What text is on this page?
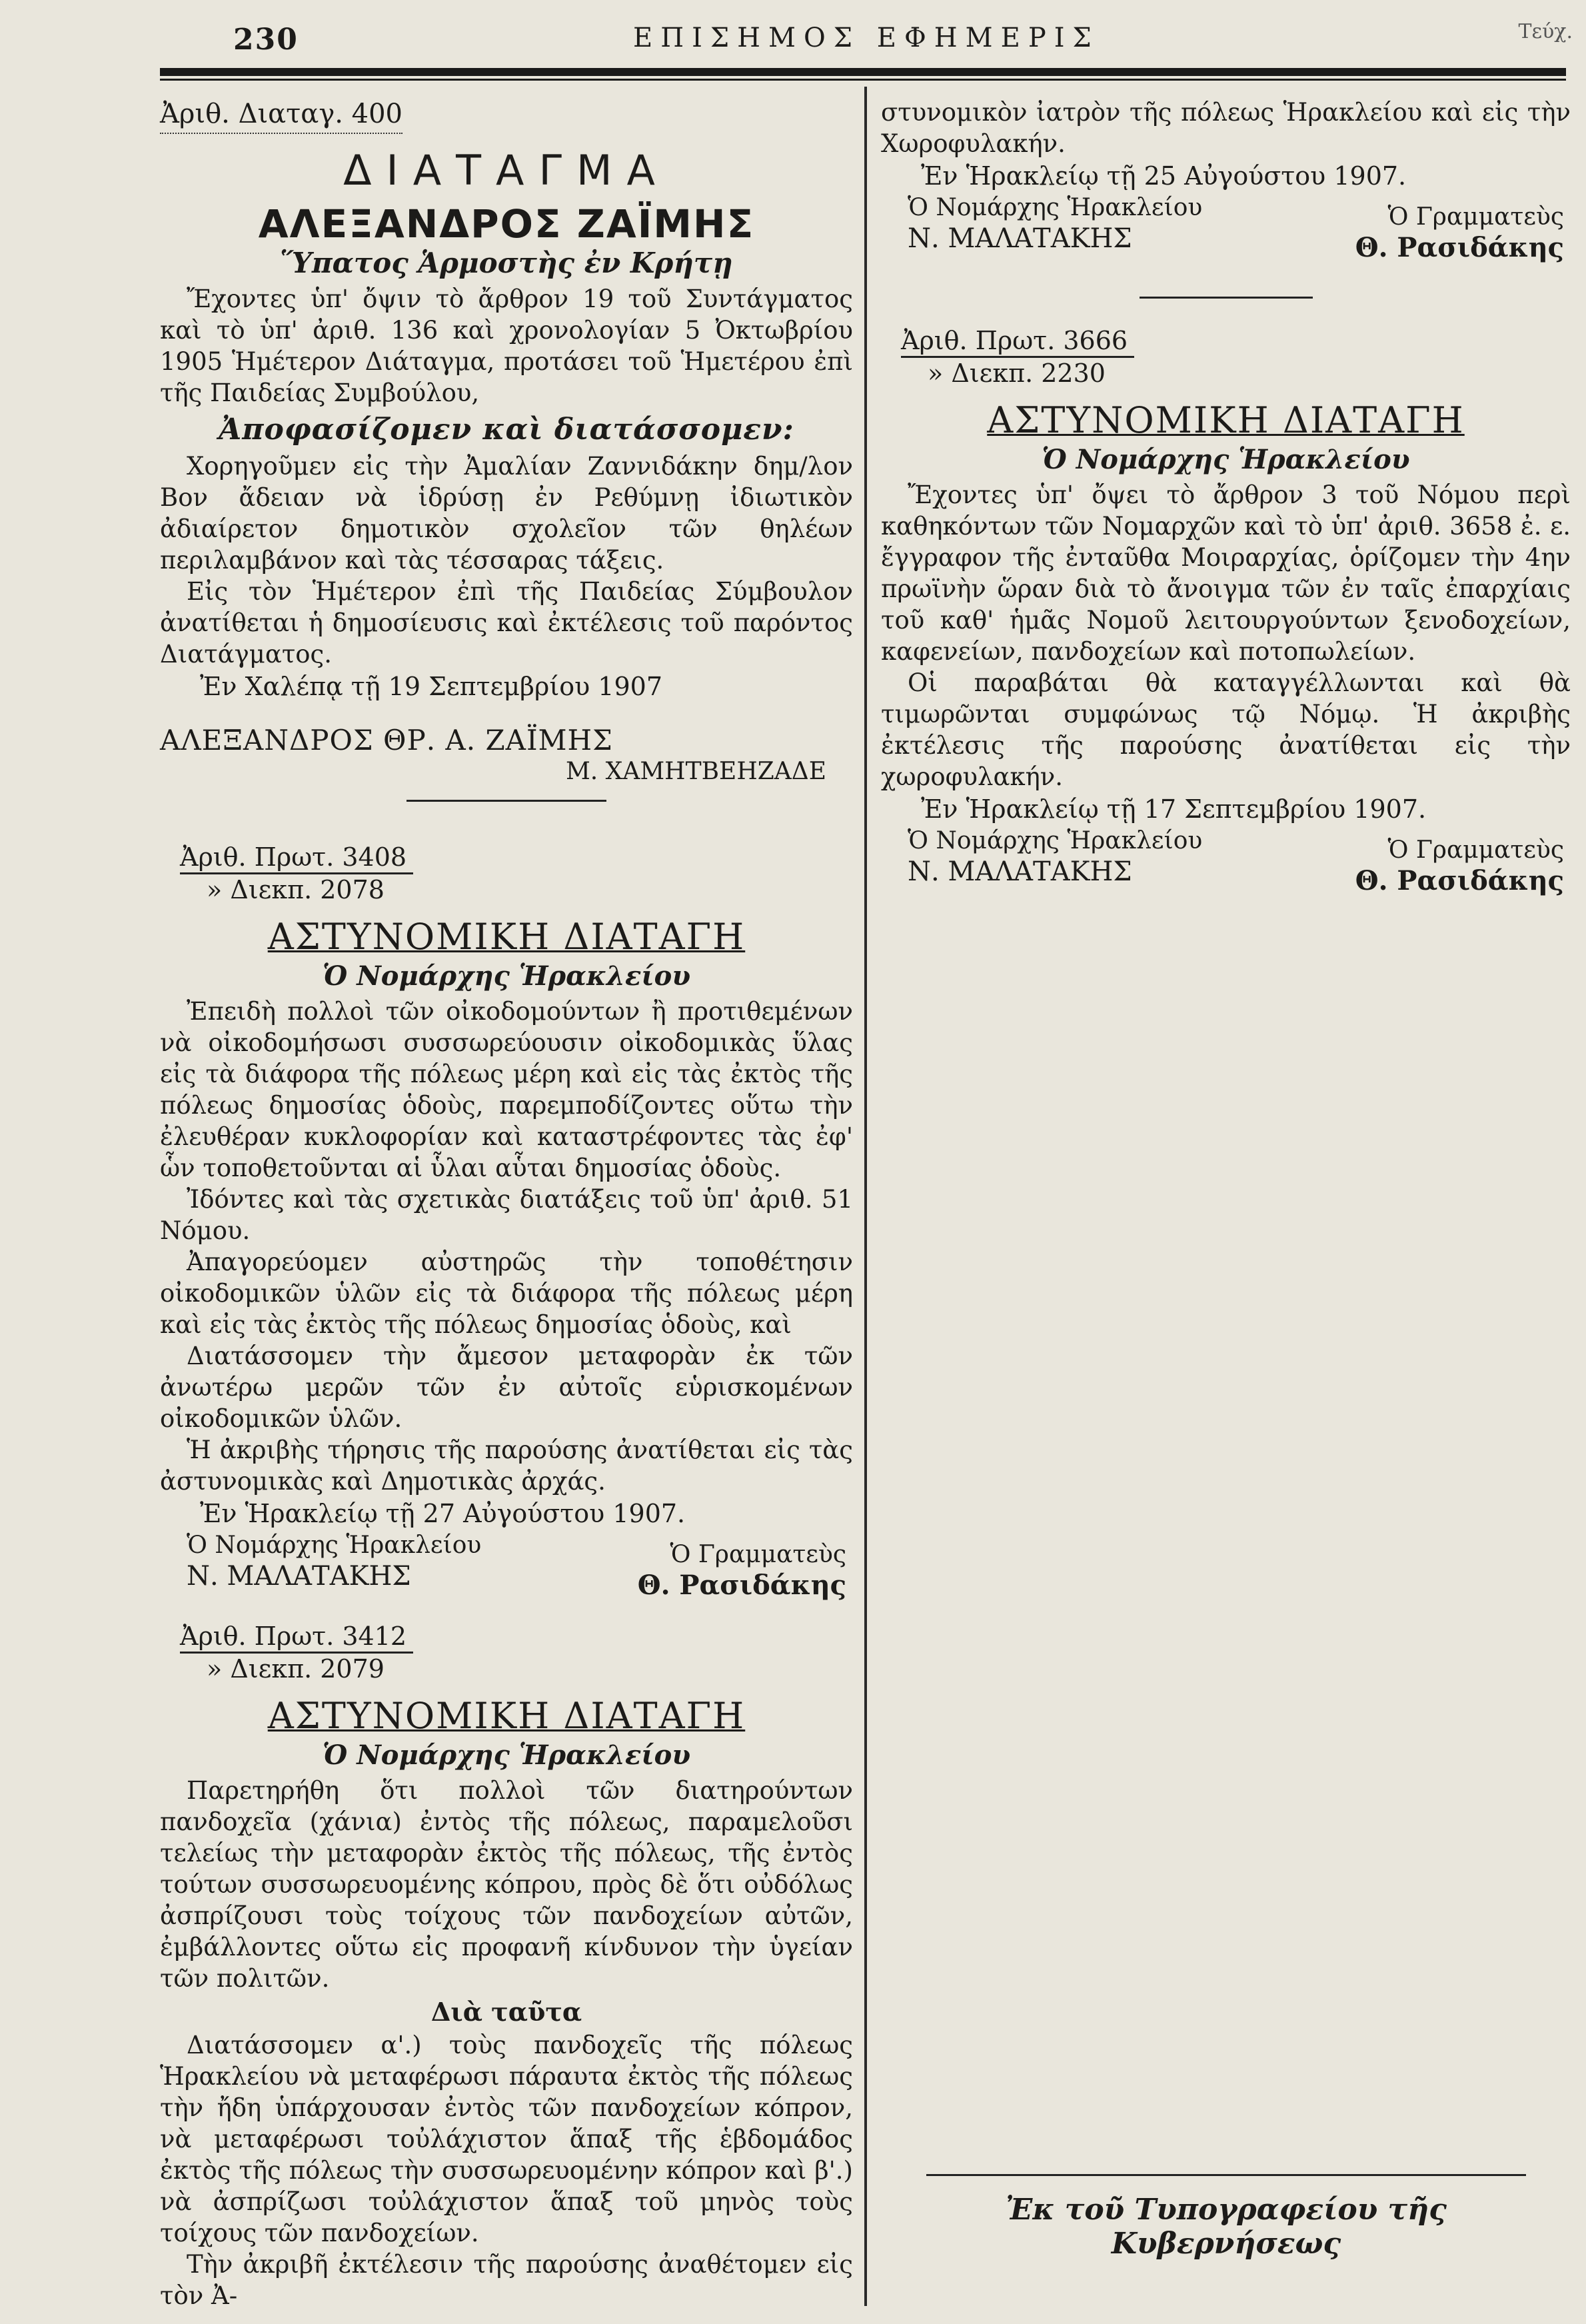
230	ΕΠΙΣΗΜΟΣ ΕΦΗΜΕΡΙΣ	Τεύχ.

Ἀριθ. Διαταγ. 400

ΔΙΑΤΑΓΜΑ

ΑΛΕΞΑΝΔΡΟΣ ΖΑΪΜΗΣ

Ὕπατος Ἁρμοστὴς ἐν Κρήτῃ

Ἔχοντες ὑπ' ὄψιν τὸ ἄρθρον 19 τοῦ Συντάγματος καὶ τὸ ὑπ' ἀριθ. 136 καὶ χρονολογίαν 5 Ὀκτωβρίου 1905 Ἡμέτερον Διάταγμα, προτάσει τοῦ Ἡμετέρου ἐπὶ τῆς Παιδείας Συμβούλου,

Ἀποφασίζομεν καὶ διατάσσομεν:

Χορηγοῦμεν εἰς τὴν Ἀμαλίαν Ζαννιδάκην δημ/λον Βον ἄδειαν νὰ ἱδρύσῃ ἐν Ρεθύμνῃ ἰδιωτικὸν ἀδιαίρετον δημοτικὸν σχολεῖον τῶν θηλέων περιλαμβάνον καὶ τὰς τέσσαρας τάξεις.

Εἰς τὸν Ἡμέτερον ἐπὶ τῆς Παιδείας Σύμβουλον ἀνατίθεται ἡ δημοσίευσις καὶ ἐκτέλεσις τοῦ παρόντος Διατάγματος.

Ἐν Χαλέπᾳ τῇ 19 Σεπτεμβρίου 1907

ΑΛΕΞΑΝΔΡΟΣ ΘΡ. Α. ΖΑΪΜΗΣ

Μ. ΧΑΜΗΤΒΕΗΖΑΔΕ

Ἀριθ. Πρωτ. 3408
» Διεκπ. 2078

ΑΣΤΥΝΟΜΙΚΗ ΔΙΑΤΑΓΗ

Ὁ Νομάρχης Ἡρακλείου

Ἐπειδὴ πολλοὶ τῶν οἰκοδομούντων ἢ προτιθεμένων νὰ οἰκοδομήσωσι συσσωρεύουσιν οἰκοδομικὰς ὕλας εἰς τὰ διάφορα τῆς πόλεως μέρη καὶ εἰς τὰς ἐκτὸς τῆς πόλεως δημοσίας ὁδοὺς, παρεμποδίζοντες οὕτω τὴν ἐλευθέραν κυκλοφορίαν καὶ καταστρέφοντες τὰς ἐφ' ὧν τοποθετοῦνται αἱ ὗλαι αὗται δημοσίας ὁδοὺς.

Ἰδόντες καὶ τὰς σχετικὰς διατάξεις τοῦ ὑπ' ἀριθ. 51 Νόμου.

Ἀπαγορεύομεν αὐστηρῶς τὴν τοποθέτησιν οἰκοδομικῶν ὑλῶν εἰς τὰ διάφορα τῆς πόλεως μέρη καὶ εἰς τὰς ἐκτὸς τῆς πόλεως δημοσίας ὁδοὺς, καὶ

Διατάσσομεν τὴν ἄμεσον μεταφορὰν ἐκ τῶν ἀνωτέρω μερῶν τῶν ἐν αὐτοῖς εὑρισκομένων οἰκοδομικῶν ὑλῶν.

Ἡ ἀκριβὴς τήρησις τῆς παρούσης ἀνατίθεται εἰς τὰς ἀστυνομικὰς καὶ Δημοτικὰς ἀρχάς.

Ἐν Ἡρακλείῳ τῇ 27 Αὐγούστου 1907.

Ὁ Νομάρχης Ἡρακλείου
Ν. ΜΑΛΑΤΑΚΗΣ
Ὁ Γραμματεὺς
Θ. Ρασιδάκης
Ἀριθ. Πρωτ. 3412
» Διεκπ. 2079

ΑΣΤΥΝΟΜΙΚΗ ΔΙΑΤΑΓΗ

Ὁ Νομάρχης Ἡρακλείου

Παρετηρήθη ὅτι πολλοὶ τῶν διατηρούντων πανδοχεῖα (χάνια) ἐντὸς τῆς πόλεως, παραμελοῦσι τελείως τὴν μεταφορὰν ἐκτὸς τῆς πόλεως, τῆς ἐντὸς τούτων συσσωρευομένης κόπρου, πρὸς δὲ ὅτι οὐδόλως ἀσπρίζουσι τοὺς τοίχους τῶν πανδοχείων αὐτῶν, ἐμβάλλοντες οὕτω εἰς προφανῆ κίνδυνον τὴν ὑγείαν τῶν πολιτῶν.

Διὰ ταῦτα

Διατάσσομεν α'.) τοὺς πανδοχεῖς τῆς πόλεως Ἡρακλείου νὰ μεταφέρωσι πάραυτα ἐκτὸς τῆς πόλεως τὴν ἤδη ὑπάρχουσαν ἐντὸς τῶν πανδοχείων κόπρον, νὰ μεταφέρωσι τοὐλάχιστον ἅπαξ τῆς ἑβδομάδος ἐκτὸς τῆς πόλεως τὴν συσσωρευομένην κόπρον καὶ β'.) νὰ ἀσπρίζωσι τοὐλάχιστον ἅπαξ τοῦ μηνὸς τοὺς τοίχους τῶν πανδοχείων.

Τὴν ἀκριβῆ ἐκτέλεσιν τῆς παρούσης ἀναθέτομεν εἰς τὸν Ἀ-

στυνομικὸν ἰατρὸν τῆς πόλεως Ἡρακλείου καὶ εἰς τὴν Χωροφυλακήν.

Ἐν Ἡρακλείῳ τῇ 25 Αὐγούστου 1907.

Ὁ Νομάρχης Ἡρακλείου
Ν. ΜΑΛΑΤΑΚΗΣ
Ὁ Γραμματεὺς
Θ. Ρασιδάκης
Ἀριθ. Πρωτ. 3666
» Διεκπ. 2230

ΑΣΤΥΝΟΜΙΚΗ ΔΙΑΤΑΓΗ

Ὁ Νομάρχης Ἡρακλείου

Ἔχοντες ὑπ' ὄψει τὸ ἄρθρον 3 τοῦ Νόμου περὶ καθηκόντων τῶν Νομαρχῶν καὶ τὸ ὑπ' ἀριθ. 3658 ἐ. ε. ἔγγραφον τῆς ἐνταῦθα Μοιραρχίας, ὁρίζομεν τὴν 4ην πρωϊνὴν ὥραν διὰ τὸ ἄνοιγμα τῶν ἐν ταῖς ἐπαρχίαις τοῦ καθ' ἡμᾶς Νομοῦ λειτουργούντων ξενοδοχείων, καφενείων, πανδοχείων καὶ ποτοπωλείων.

Οἱ παραβάται θὰ καταγγέλλωνται καὶ θὰ τιμωρῶνται συμφώνως τῷ Νόμῳ. Ἡ ἀκριβὴς ἐκτέλεσις τῆς παρούσης ἀνατίθεται εἰς τὴν χωροφυλακήν.

Ἐν Ἡρακλείῳ τῇ 17 Σεπτεμβρίου 1907.

Ὁ Νομάρχης Ἡρακλείου
Ν. ΜΑΛΑΤΑΚΗΣ
Ὁ Γραμματεὺς
Θ. Ρασιδάκης

Ἐκ τοῦ Τυπογραφείου τῆς Κυβερνήσεως
